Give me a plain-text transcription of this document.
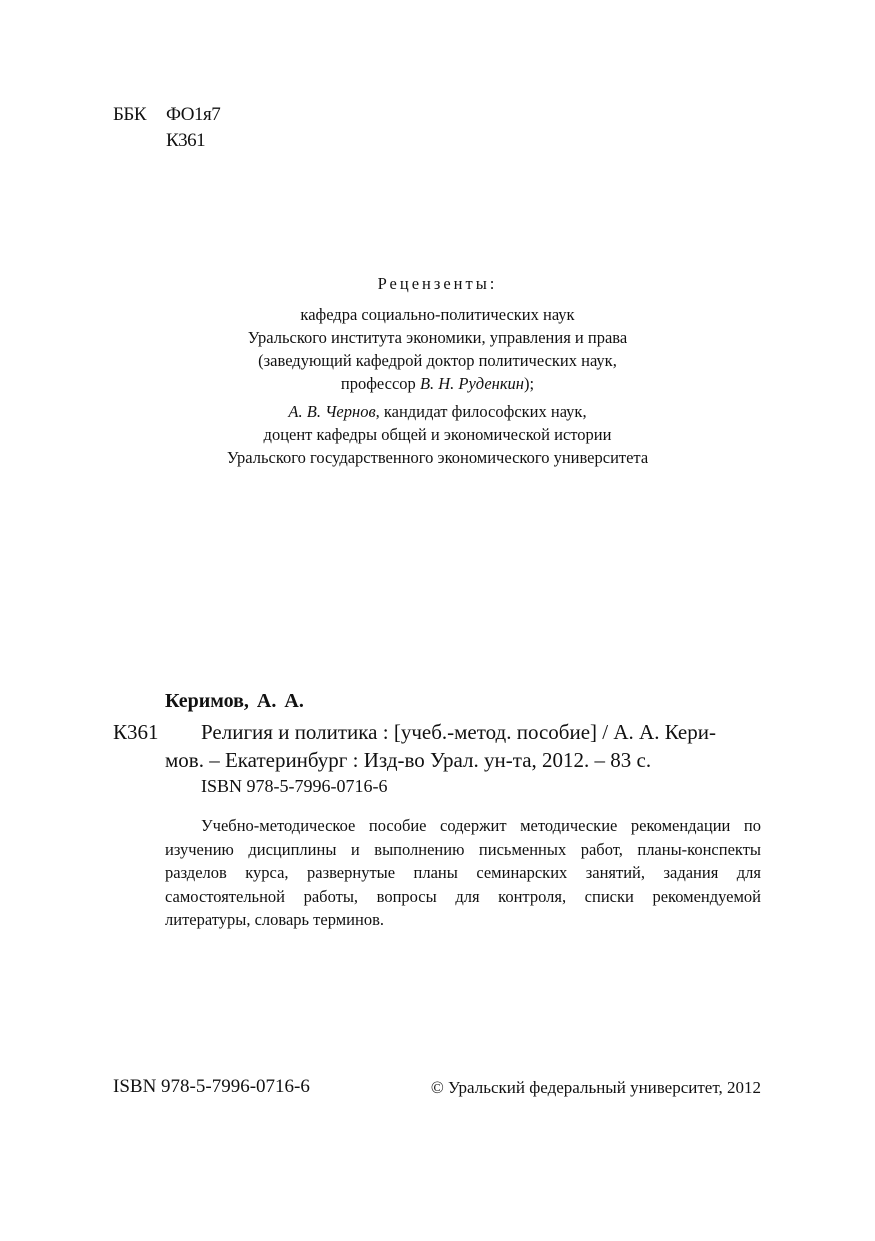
ББК ФО1я7
К361
Рецензенты:
кафедра социально-политических наук
Уральского института экономики, управления и права
(заведующий кафедрой доктор политических наук,
профессор В. Н. Руденкин);
А. В. Чернов, кандидат философских наук,
доцент кафедры общей и экономической истории
Уральского государственного экономического университета
Керимов, А. А.
К361 Религия и политика : [учеб.-метод. пособие] / А. А. Кери-
мов. – Екатеринбург : Изд-во Урал. ун-та, 2012. – 83 с.
ISBN 978-5-7996-0716-6
Учебно-методическое пособие содержит методические рекомендации по
изучению дисциплины и выполнению письменных работ, планы-конспекты
разделов курса, развернутые планы семинарских занятий, задания для
самостоятельной работы, вопросы для контроля, списки рекомендуемой
литературы, словарь терминов.
ISBN 978-5-7996-0716-6	© Уральский федеральный университет, 2012
